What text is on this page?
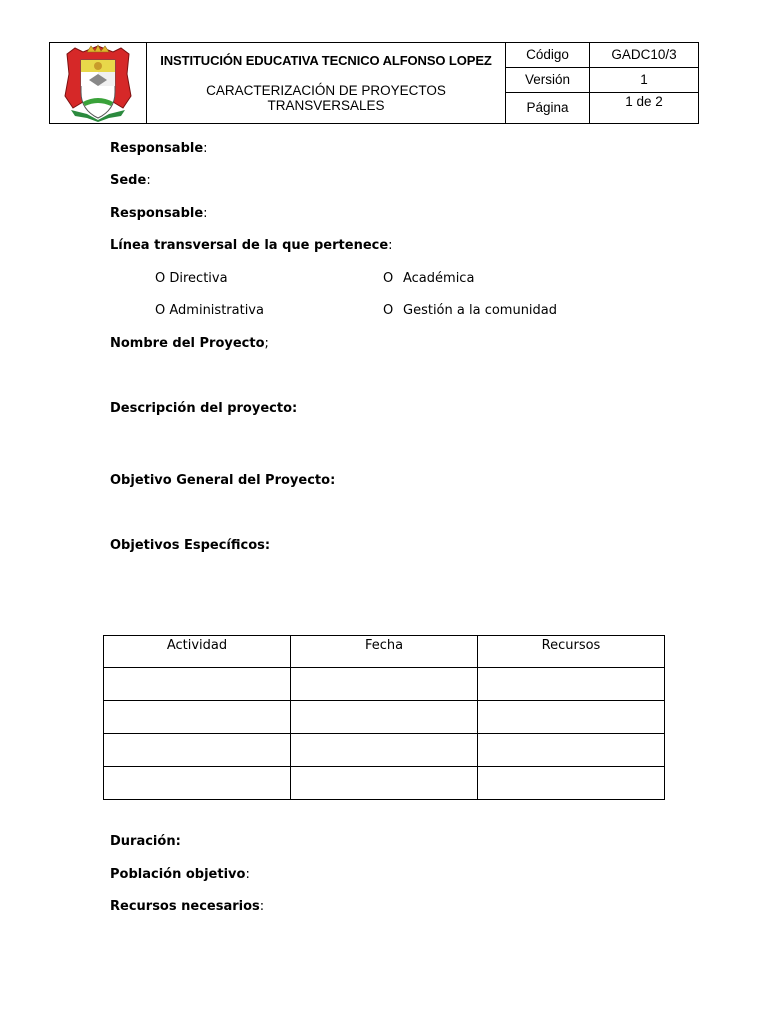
INSTITUCIÓN EDUCATIVA TECNICO ALFONSO LOPEZ
CARACTERIZACIÓN DE PROYECTOS
TRANSVERSALES
Código	GADC10/3
Versión	1
Página	1 de 2
Responsable:
Sede:
Responsable:
Línea transversal de la que pertenece:
O Directiva
O Administrativa
O Académica
O Gestión a la comunidad
Nombre del Proyecto;
Descripción del proyecto:
Objetivo General del Proyecto:
Objetivos Específicos:
Actividad	Fecha	Recursos

Duración:
Población objetivo:
Recursos necesarios:
